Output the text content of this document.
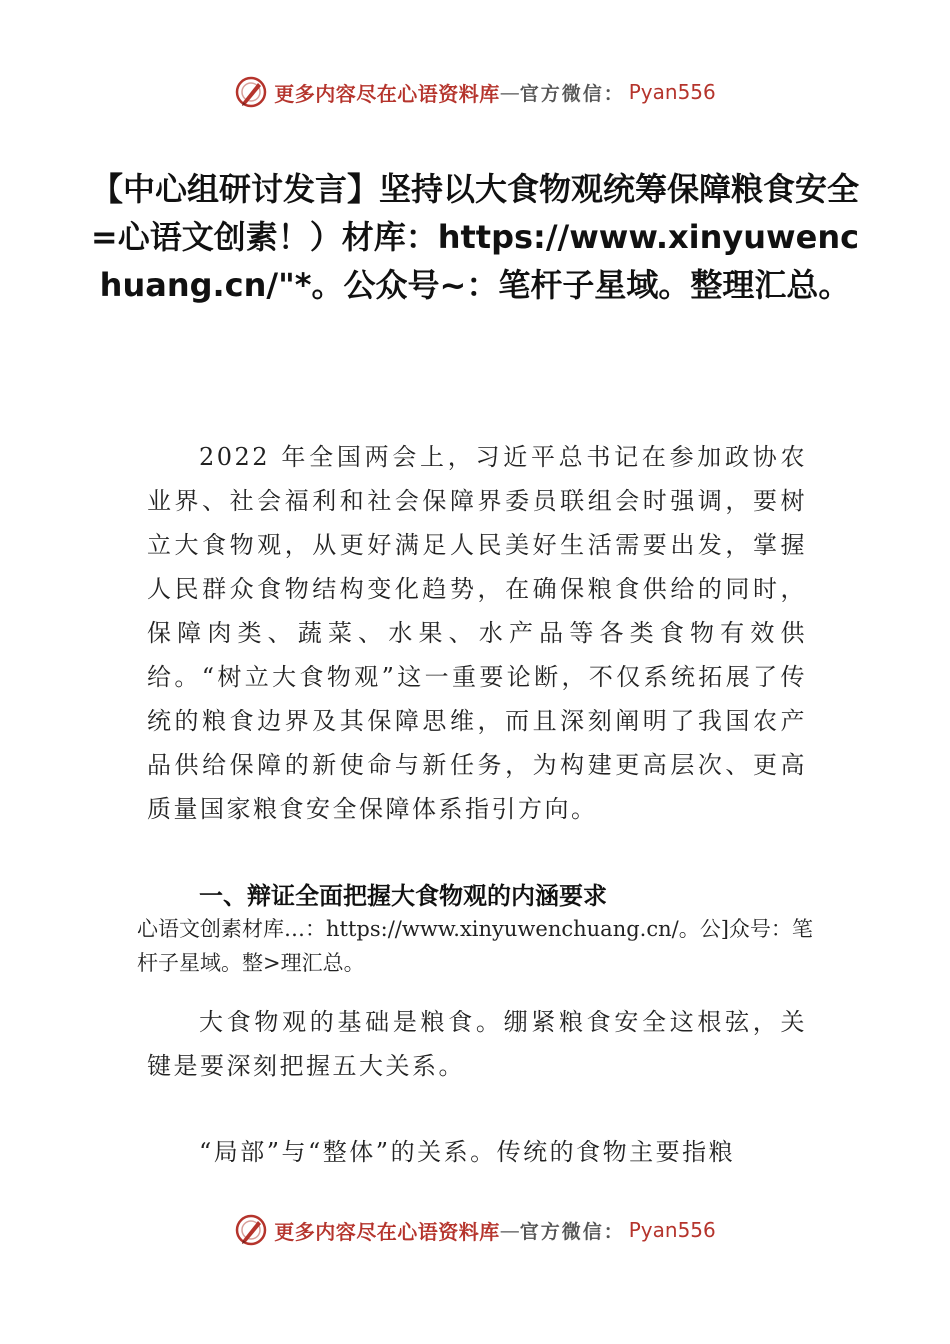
更多内容尽在心语资料库 — 官方微信： Pyan556
【中心组研讨发言】坚持以大食物观统筹保障粮食安全=心语文创素！）材库：https://www.xinyuwenchuang.cn/"*。公众号~：笔杆子星域。整理汇总。
2022 年全国两会上，习近平总书记在参加政协农业界、社会福利和社会保障界委员联组会时强调，要树立大食物观，从更好满足人民美好生活需要出发，掌握人民群众食物结构变化趋势，在确保粮食供给的同时，保障肉类、蔬菜、水果、水产品等各类食物有效供给。“树立大食物观”这一重要论断，不仅系统拓展了传统的粮食边界及其保障思维，而且深刻阐明了我国农产品供给保障的新使命与新任务，为构建更高层次、更高质量国家粮食安全保障体系指引方向。
一、辩证全面把握大食物观的内涵要求
心语文创素材库…：https://www.xinyuwenchuang.cn/。公]众号：笔杆子星域。整>理汇总。
大食物观的基础是粮食。绷紧粮食安全这根弦，关键是要深刻把握五大关系。
“局部”与“整体”的关系。传统的食物主要指粮
更多内容尽在心语资料库 — 官方微信： Pyan556
